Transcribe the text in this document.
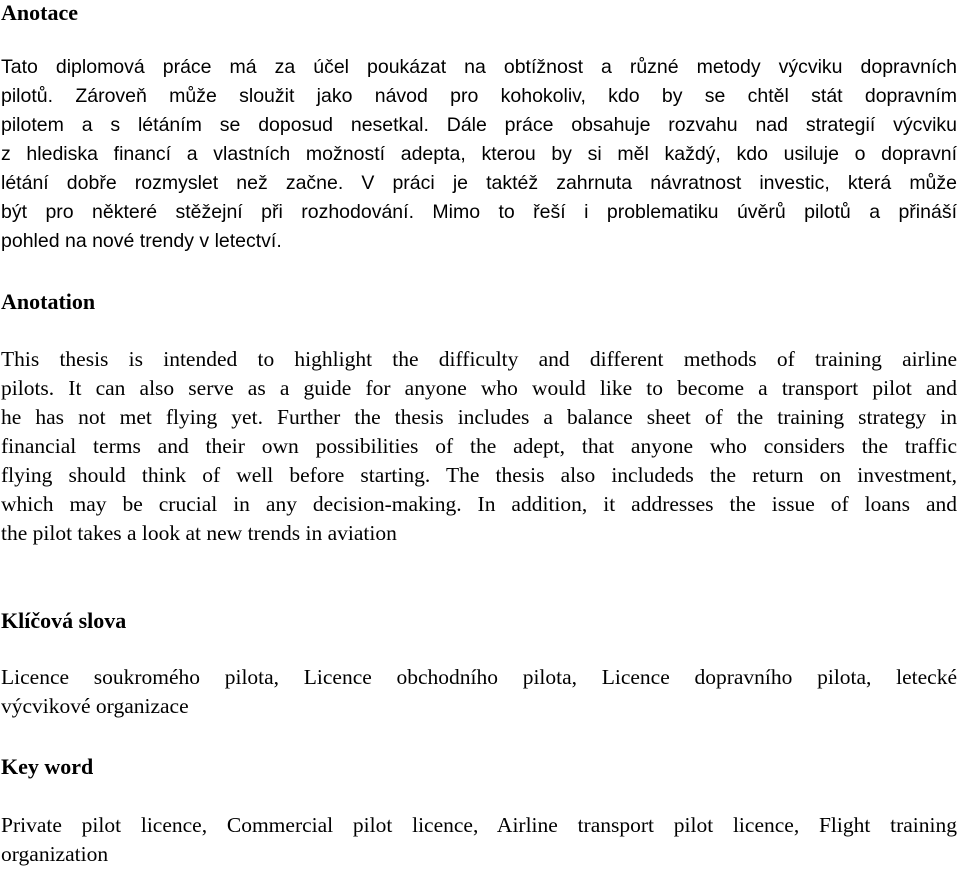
Anotace

Tato diplomová práce má za účel poukázat na obtížnost a různé metody výcviku dopravních
pilotů. Zároveň může sloužit jako návod pro kohokoliv, kdo by se chtěl stát dopravním
pilotem a s létáním se doposud nesetkal. Dále práce obsahuje rozvahu nad strategií výcviku
z hlediska financí a vlastních možností adepta, kterou by si měl každý, kdo usiluje o dopravní
létání dobře rozmyslet než začne. V práci je taktéž zahrnuta návratnost investic, která může
být pro některé stěžejní při rozhodování. Mimo to řeší i problematiku úvěrů pilotů a přináší
pohled na nové trendy v letectví.

Anotation

This thesis is intended to highlight the difficulty and different methods of training airline
pilots. It can also serve as a guide for anyone who would like to become a transport pilot and
he has not met flying yet. Further the thesis includes a balance sheet of the training strategy in
financial terms and their own possibilities of the adept, that anyone who considers the traffic
flying should think of well before starting. The thesis also includeds the return on investment,
which may be crucial in any decision-making. In addition, it addresses the issue of loans and
the pilot takes a look at new trends in aviation

Klíčová slova

Licence soukromého pilota, Licence obchodního pilota, Licence dopravního pilota, letecké
výcvikové organizace

Key word

Private pilot licence, Commercial pilot licence, Airline transport pilot licence, Flight training
organization
